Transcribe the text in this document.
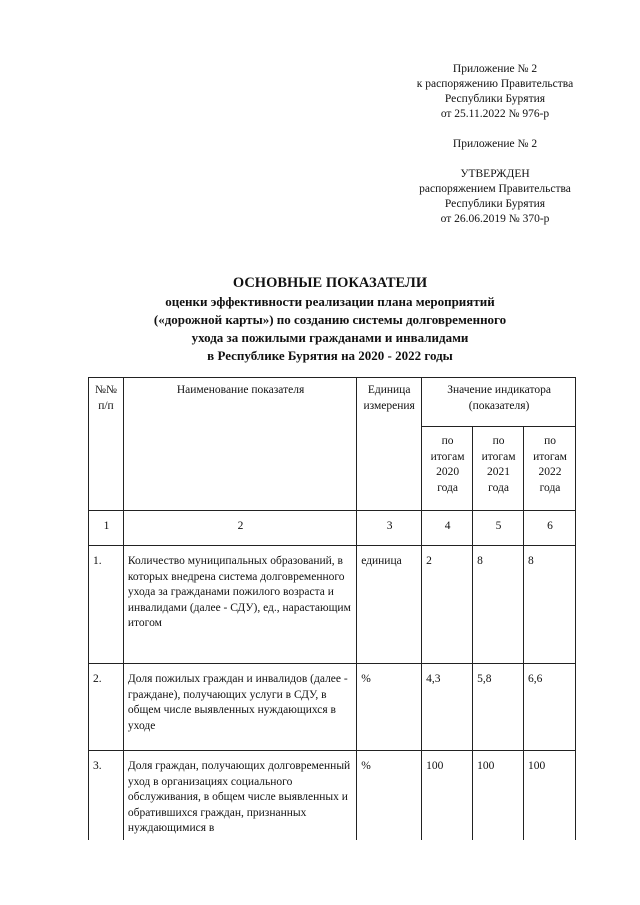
Приложение № 2
к распоряжению Правительства
Республики Бурятия
от 25.11.2022 № 976-р
Приложение № 2
УТВЕРЖДЕН
распоряжением Правительства
Республики Бурятия
от 26.06.2019 № 370-р
ОСНОВНЫЕ ПОКАЗАТЕЛИ
оценки эффективности реализации плана мероприятий
(«дорожной карты») по созданию системы долговременного
ухода за пожилыми гражданами и инвалидами
в Республике Бурятия на 2020 - 2022 годы
№№ п/п	Наименование показателя	Единица измерения	Значение индикатора (показателя)		
			по итогам 2020 года	по итогам 2021 года	по итогам 2022 года
1	2	3	4	5	6
1.	Количество муниципальных образований, в которых внедрена система долговременного ухода за гражданами пожилого возраста и инвалидами (далее - СДУ), ед., нарастающим итогом	единица	2	8	8
2.	Доля пожилых граждан и инвалидов (далее - граждане), получающих услуги в СДУ, в общем числе выявленных нуждающихся в уходе	%	4,3	5,8	6,6
3.	Доля граждан, получающих долговременный уход в организациях социального обслуживания, в общем числе выявленных и обратившихся граждан, признанных нуждающимися в	%	100	100	100
